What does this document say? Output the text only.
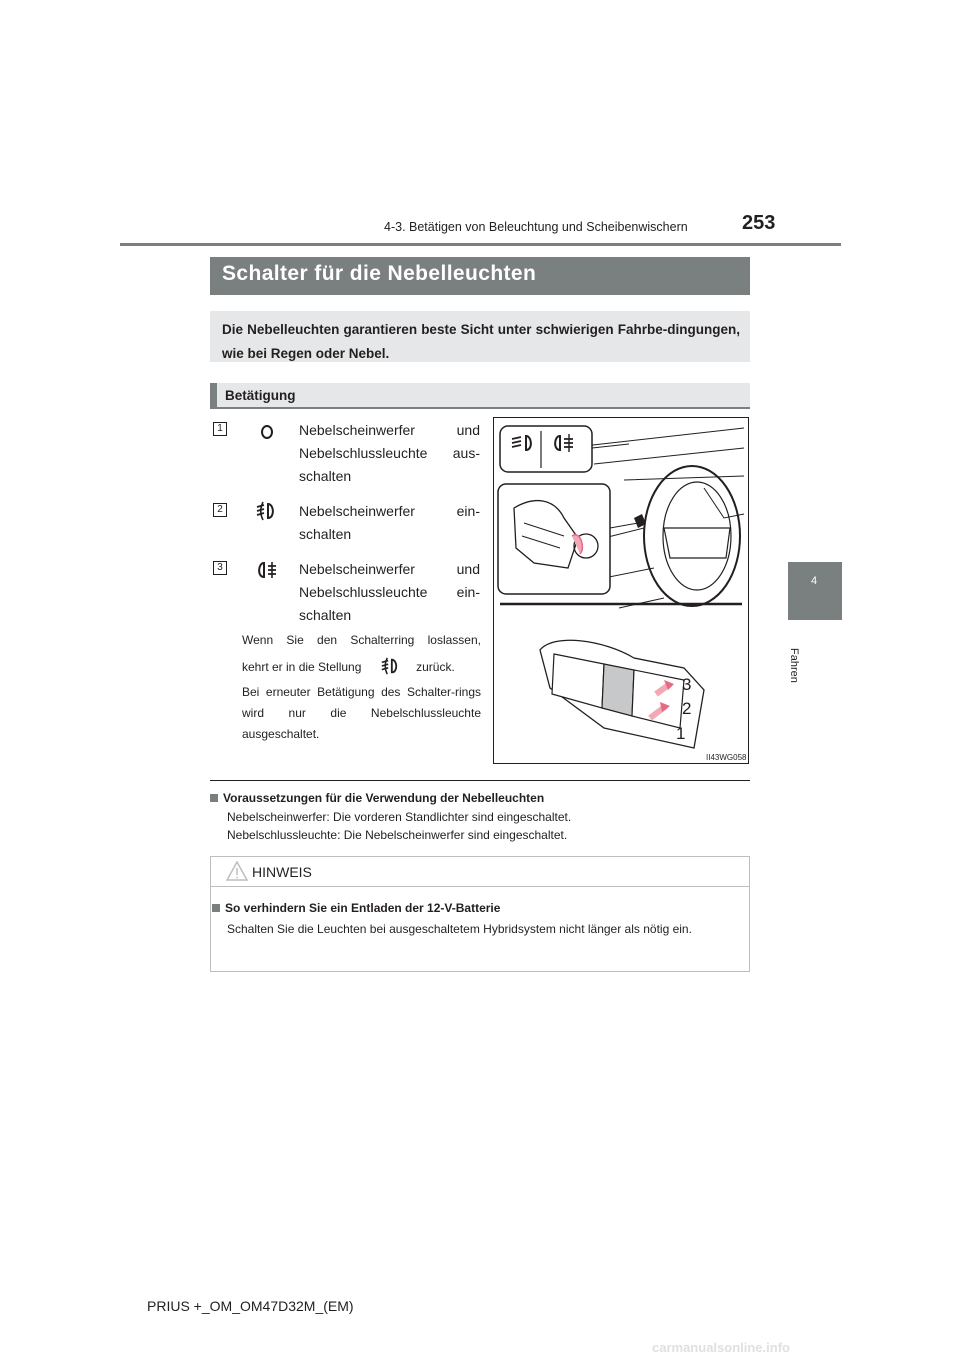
4-3. Betätigen von Beleuchtung und Scheibenwischern	253
4
Fahren
Schalter für die Nebelleuchten
Die Nebelleuchten garantieren beste Sicht unter schwierigen Fahrbe-dingungen, wie bei Regen oder Nebel.
Betätigung
1	Nebelscheinwerfer und
Nebelschlussleuchte aus-
schalten
2	Nebelscheinwerfer ein-
schalten
3	Nebelscheinwerfer und
Nebelschlussleuchte ein-
schalten
Wenn Sie den Schalterring loslassen,
kehrt er in die Stellung	zurück.
Bei erneuter Betätigung des Schalter-rings wird nur die Nebelschlussleuchte ausgeschaltet.
3
2
1
II43WG058
Voraussetzungen für die Verwendung der Nebelleuchten
Nebelscheinwerfer: Die vorderen Standlichter sind eingeschaltet.
Nebelschlussleuchte: Die Nebelscheinwerfer sind eingeschaltet.
HINWEIS
So verhindern Sie ein Entladen der 12-V-Batterie
Schalten Sie die Leuchten bei ausgeschaltetem Hybridsystem nicht länger als nötig ein.
PRIUS +_OM_OM47D32M_(EM)
carmanualsonline.info
